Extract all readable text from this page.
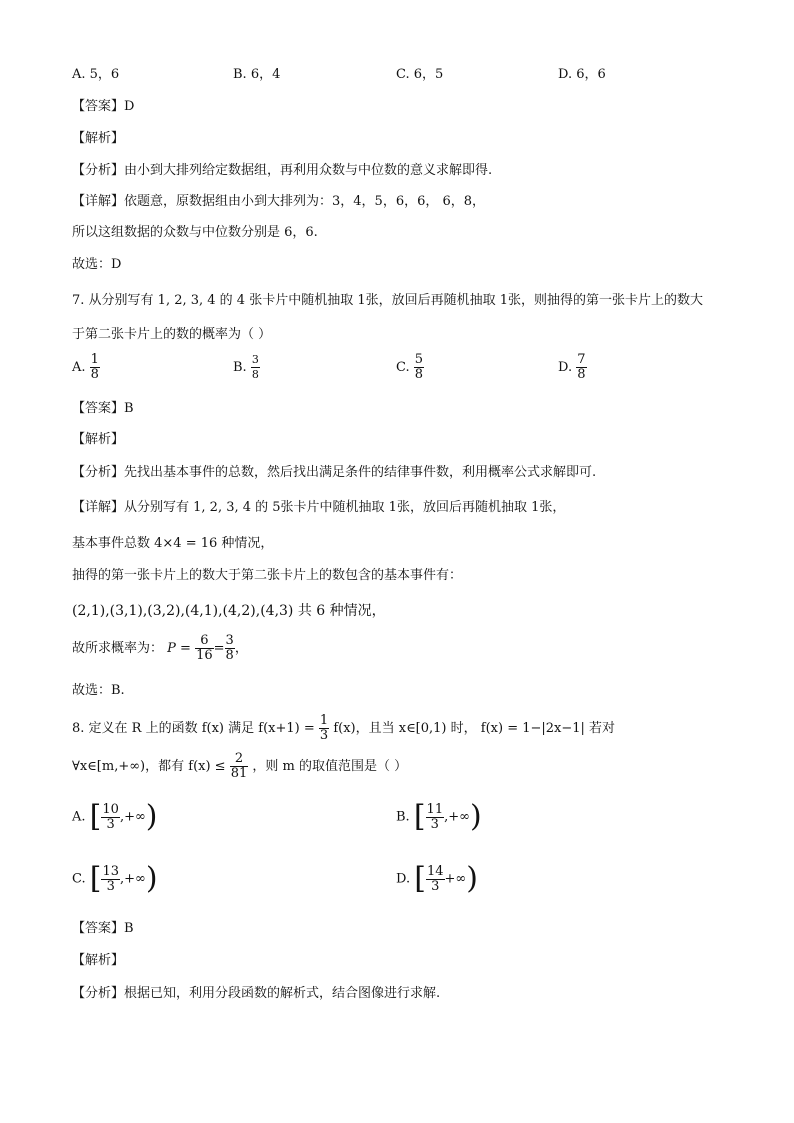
A. 5，6	B. 6，4	C. 6，5	D. 6，6
【答案】D
【解析】
【分析】由小到大排列给定数据组，再利用众数与中位数的意义求解即得.
【详解】依题意，原数据组由小到大排列为：3，4，5，6，6， 6，8，
所以这组数据的众数与中位数分别是 6，6.
故选：D
7. 从分别写有 1, 2, 3, 4 的 4 张卡片中随机抽取 1张，放回后再随机抽取 1张，则抽得的第一张卡片上的数大
于第二张卡片上的数的概率为（ ）
A. $\frac{1}{8}$	B. $\frac{3}{8}$	C. $\frac{5}{8}$	D. $\frac{7}{8}$
【答案】B
【解析】
【分析】先找出基本事件的总数，然后找出满足条件的结律事件数，利用概率公式求解即可.
【详解】从分别写有 1, 2, 3, 4 的 5张卡片中随机抽取 1张，放回后再随机抽取 1张，
基本事件总数 4×4 = 16 种情况，
抽得的第一张卡片上的数大于第二张卡片上的数包含的基本事件有：
(2,1),(3,1),(3,2),(4,1),(4,2),(4,3) 共 6 种情况，
故所求概率为： $P = \frac{6}{16} = \frac{3}{8}$ ，
故选：B.
8. 定义在 R 上的函数 f(x) 满足 $f(x+1) = \frac{1}{3} f(x)$，且当 x∈[0,1) 时， f(x) = 1−|2x−1| 若对
∀x∈[m,+∞)，都有 $f(x) \le \frac{2}{81}$ ，则 m 的取值范围是（ ）
A. [ $\frac{10}{3}$ ,+∞)	B. [ $\frac{11}{3}$ ,+∞)
C. [ $\frac{13}{3}$ ,+∞)	D. [ $\frac{14}{3}$ +∞)
【答案】B
【解析】
【分析】根据已知，利用分段函数的解析式，结合图像进行求解.
